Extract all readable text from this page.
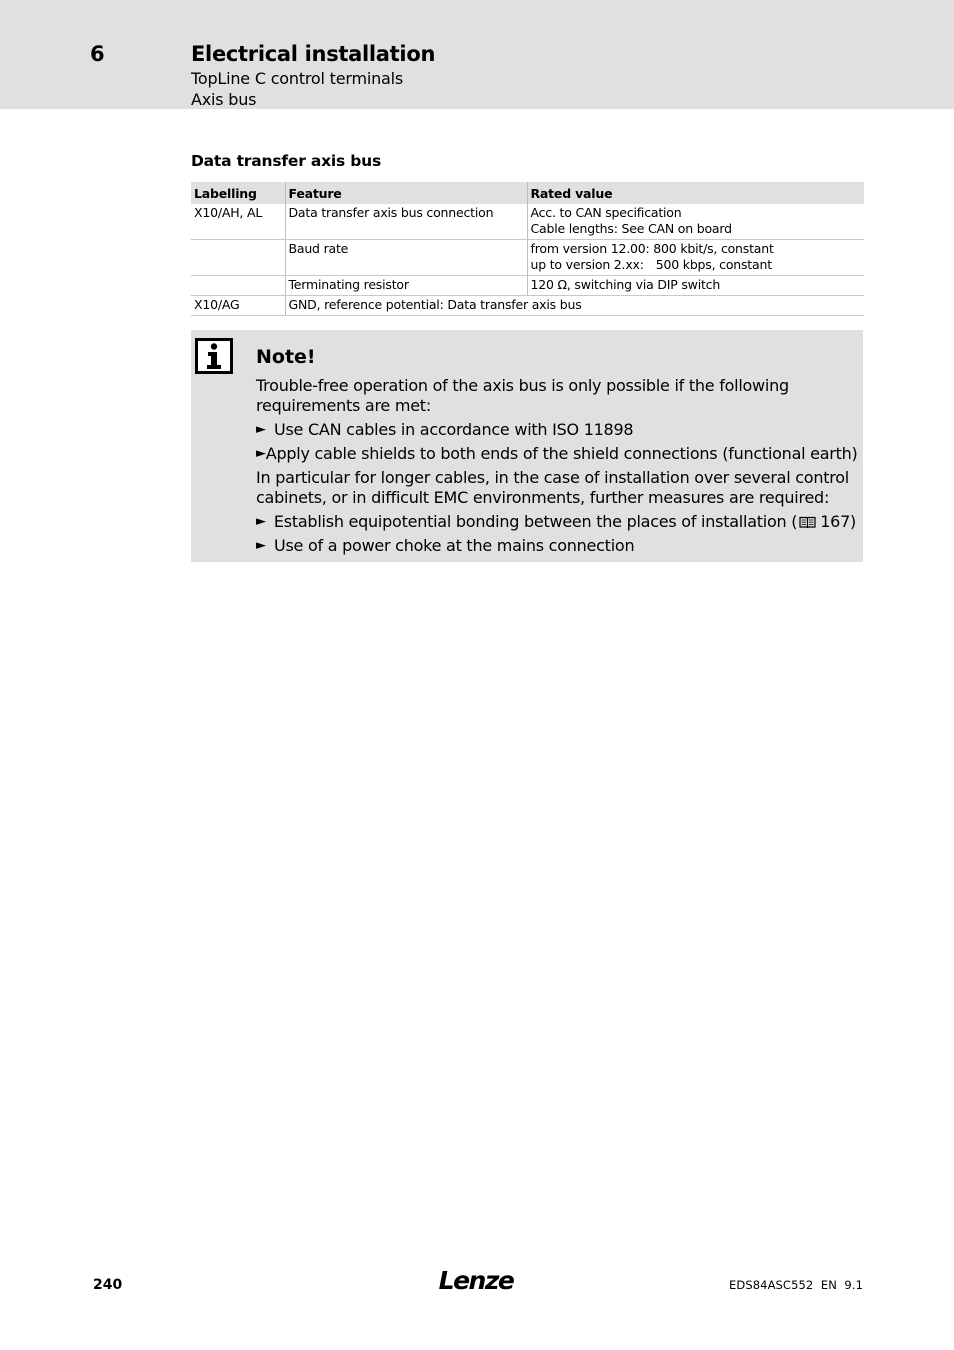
6	Electrical installation
TopLine C control terminals
Axis bus
Data transfer axis bus
Labelling	Feature	Rated value
X10/AH, AL	Data transfer axis bus connection	Acc. to CAN specification
Cable lengths: See CAN on board

	Baud rate	from version 12.00: 800 kbit/s, constant
up to version 2.xx: 500 kbps, constant

	Terminating resistor	120 Ω, switching via DIP switch
X10/AG	GND, reference potential: Data transfer axis bus	
Note!

Trouble-free operation of the axis bus is only possible if the following requirements are met:

► Use CAN cables in accordance with ISO 11898
► Apply cable shields to both ends of the shield connections (functional earth)

In particular for longer cables, in the case of installation over several control cabinets, or in difficult EMC environments, further measures are required:

► Establish equipotential bonding between the places of installation ( 167)
► Use of a power choke at the mains connection
240	Lenze	EDS84ASC552  EN  9.1
